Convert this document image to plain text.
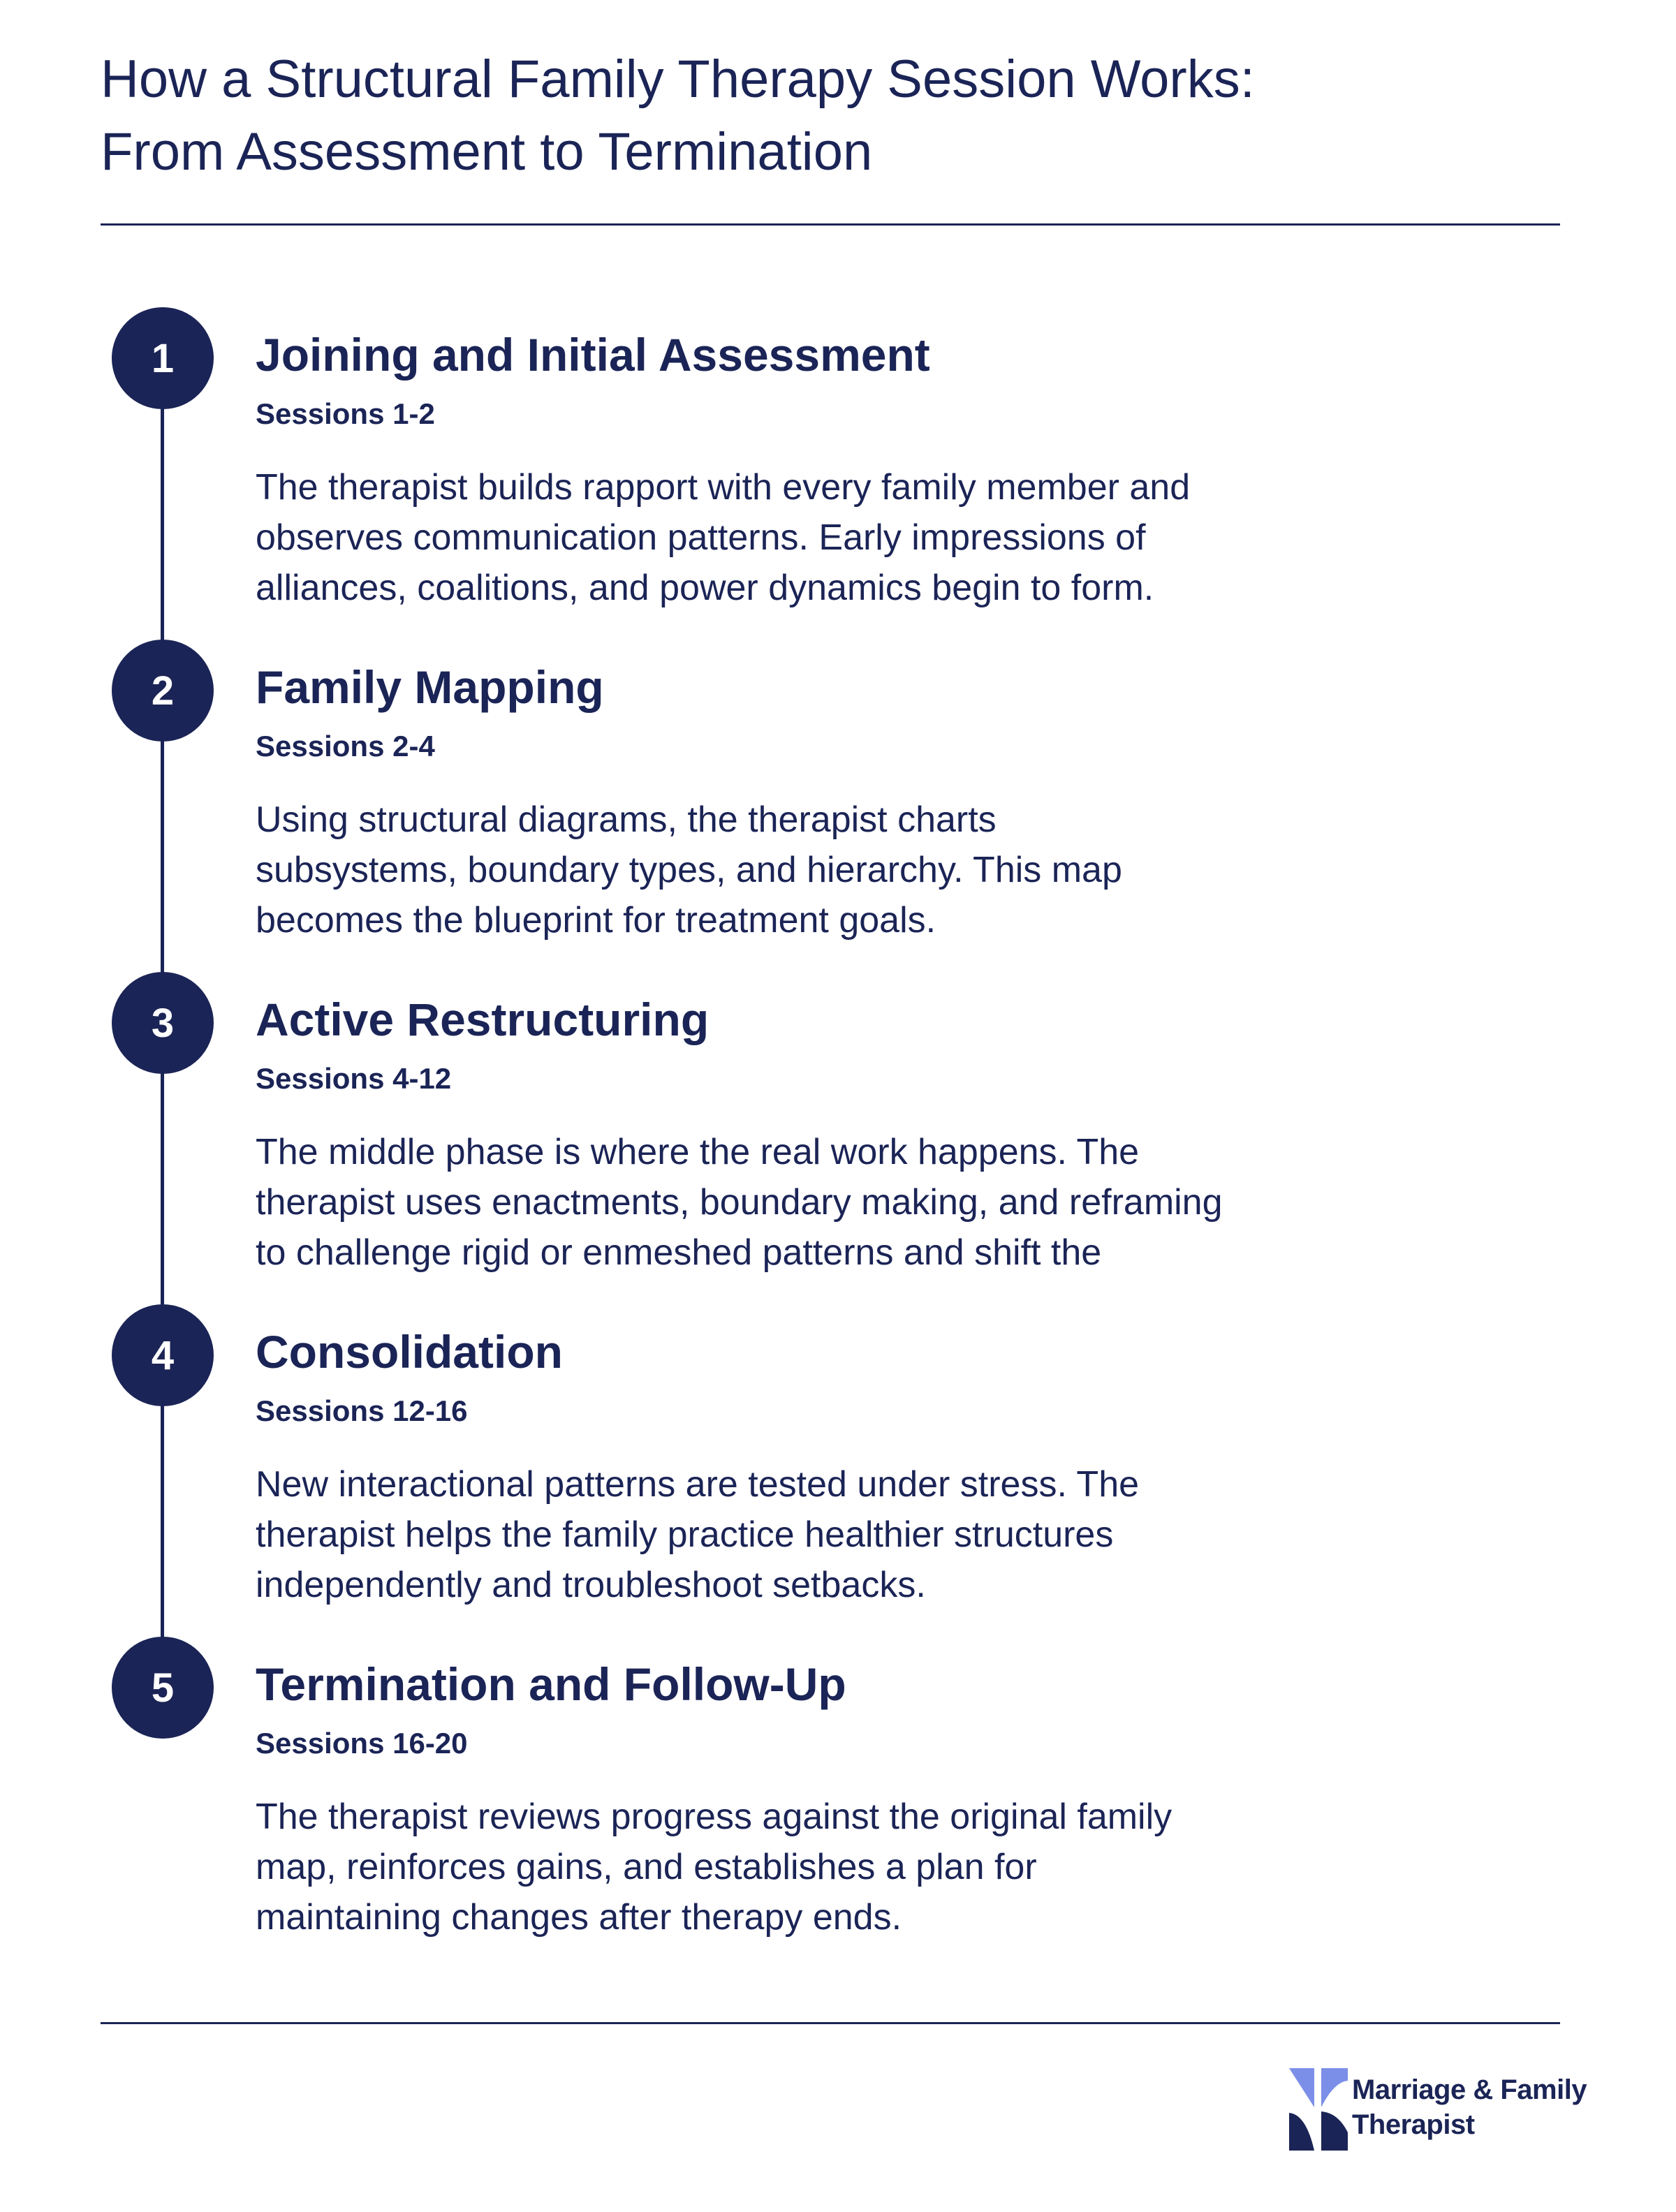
How a Structural Family Therapy Session Works:
From Assessment to Termination
1	Joining and Initial Assessment
Sessions 1-2
The therapist builds rapport with every family member and
observes communication patterns. Early impressions of
alliances, coalitions, and power dynamics begin to form.
2	Family Mapping
Sessions 2-4
Using structural diagrams, the therapist charts
subsystems, boundary types, and hierarchy. This map
becomes the blueprint for treatment goals.
3	Active Restructuring
Sessions 4-12
The middle phase is where the real work happens. The
therapist uses enactments, boundary making, and reframing
to challenge rigid or enmeshed patterns and shift the
4	Consolidation
Sessions 12-16
New interactional patterns are tested under stress. The
therapist helps the family practice healthier structures
independently and troubleshoot setbacks.
5	Termination and Follow-Up
Sessions 16-20
The therapist reviews progress against the original family
map, reinforces gains, and establishes a plan for
maintaining changes after therapy ends.
Marriage & Family
Therapist
